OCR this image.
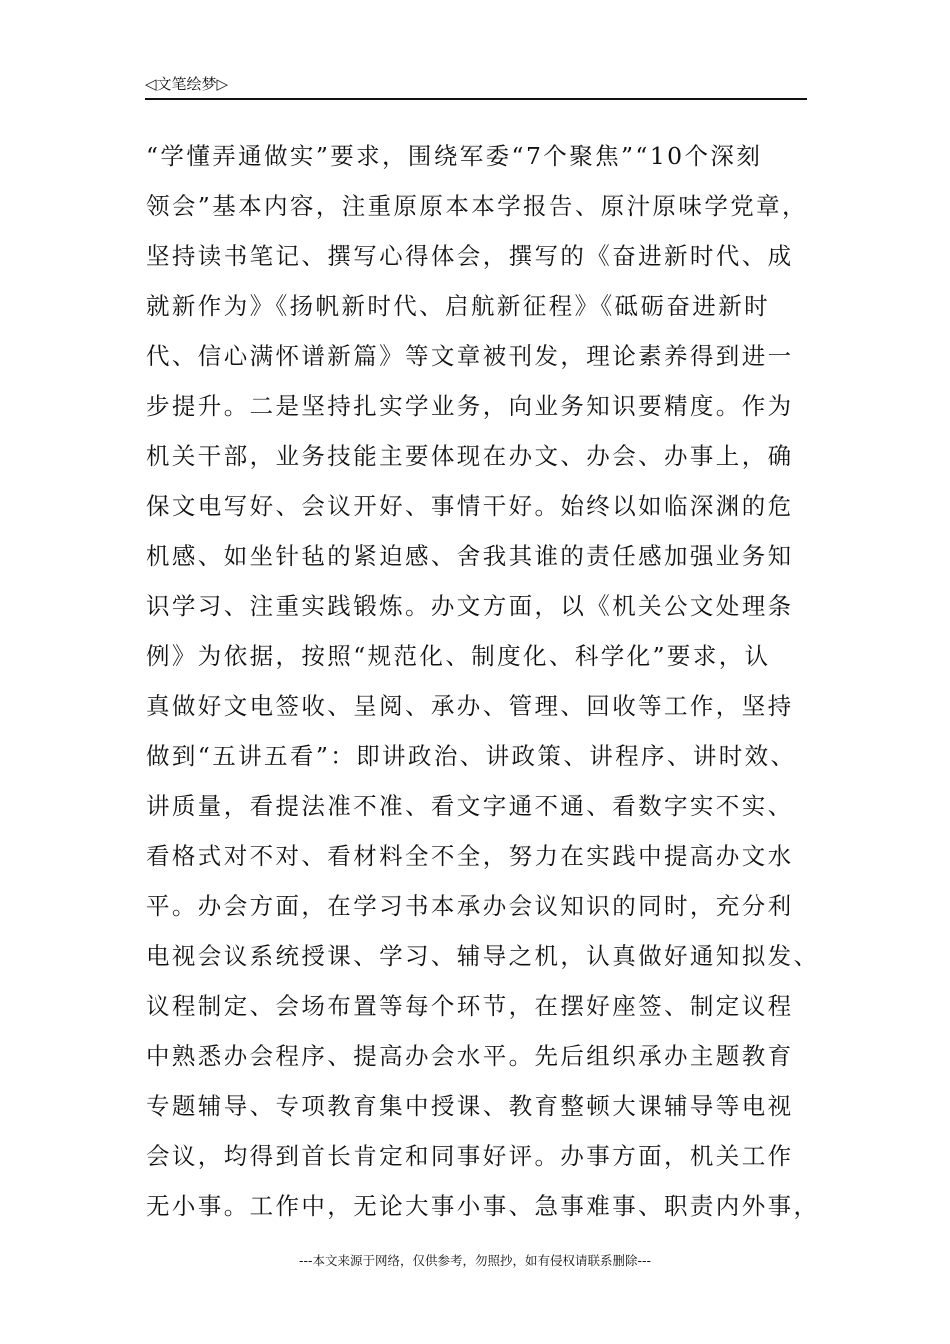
◁文笔绘梦▷
“学懂弄通做实”要求，围绕军委“7个聚焦”“10个深刻
领会”基本内容，注重原原本本学报告、原汁原味学党章，
坚持读书笔记、撰写心得体会，撰写的《奋进新时代、成
就新作为》《扬帆新时代、启航新征程》《砥砺奋进新时
代、信心满怀谱新篇》等文章被刊发，理论素养得到进一
步提升。二是坚持扎实学业务，向业务知识要精度。作为
机关干部，业务技能主要体现在办文、办会、办事上，确
保文电写好、会议开好、事情干好。始终以如临深渊的危
机感、如坐针毡的紧迫感、舍我其谁的责任感加强业务知
识学习、注重实践锻炼。办文方面，以《机关公文处理条
例》为依据，按照“规范化、制度化、科学化”要求，认
真做好文电签收、呈阅、承办、管理、回收等工作，坚持
做到“五讲五看”：即讲政治、讲政策、讲程序、讲时效、
讲质量，看提法准不准、看文字通不通、看数字实不实、
看格式对不对、看材料全不全，努力在实践中提高办文水
平。办会方面，在学习书本承办会议知识的同时，充分利
电视会议系统授课、学习、辅导之机，认真做好通知拟发、
议程制定、会场布置等每个环节，在摆好座签、制定议程
中熟悉办会程序、提高办会水平。先后组织承办主题教育
专题辅导、专项教育集中授课、教育整顿大课辅导等电视
会议，均得到首长肯定和同事好评。办事方面，机关工作
无小事。工作中，无论大事小事、急事难事、职责内外事，
---本文来源于网络，仅供参考，勿照抄，如有侵权请联系删除---
